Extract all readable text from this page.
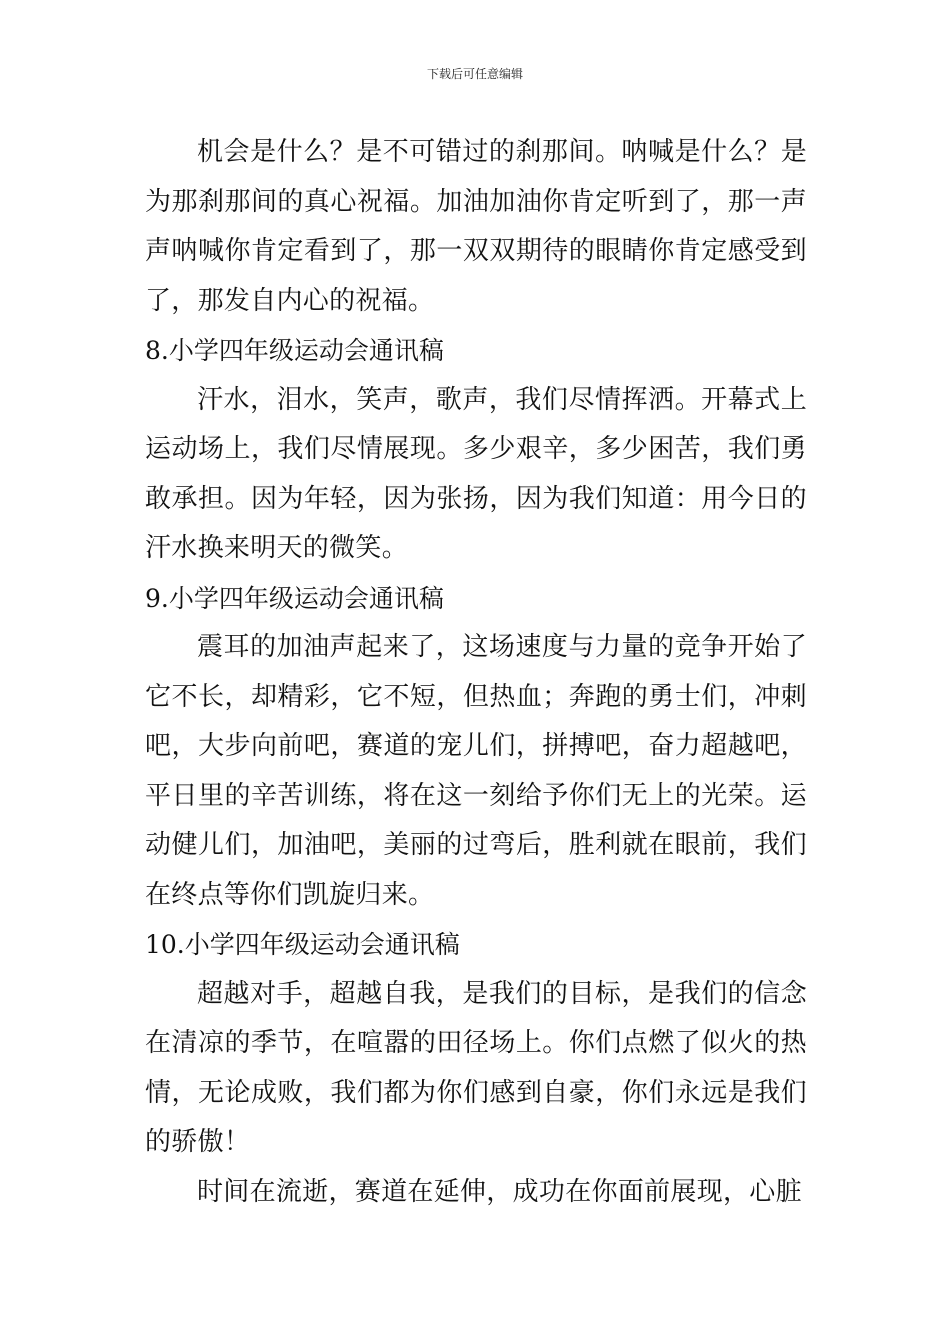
下载后可任意编辑

机会是什么？是不可错过的刹那间。呐喊是什么？是为那刹那间的真心祝福。加油加油你肯定听到了，那一声声呐喊你肯定看到了，那一双双期待的眼睛你肯定感受到了，那发自内心的祝福。

8.小学四年级运动会通讯稿

汗水，泪水，笑声，歌声，我们尽情挥洒。开幕式上运动场上，我们尽情展现。多少艰辛，多少困苦，我们勇敢承担。因为年轻，因为张扬，因为我们知道：用今日的汗水换来明天的微笑。

9.小学四年级运动会通讯稿

震耳的加油声起来了，这场速度与力量的竞争开始了它不长，却精彩，它不短，但热血；奔跑的勇士们，冲刺吧，大步向前吧，赛道的宠儿们，拼搏吧，奋力超越吧，平日里的辛苦训练，将在这一刻给予你们无上的光荣。运动健儿们，加油吧，美丽的过弯后，胜利就在眼前，我们在终点等你们凯旋归来。

10.小学四年级运动会通讯稿

超越对手，超越自我，是我们的目标，是我们的信念在清凉的季节，在喧嚣的田径场上。你们点燃了似火的热情，无论成败，我们都为你们感到自豪，你们永远是我们的骄傲！

时间在流逝，赛道在延伸，成功在你面前展现，心脏
